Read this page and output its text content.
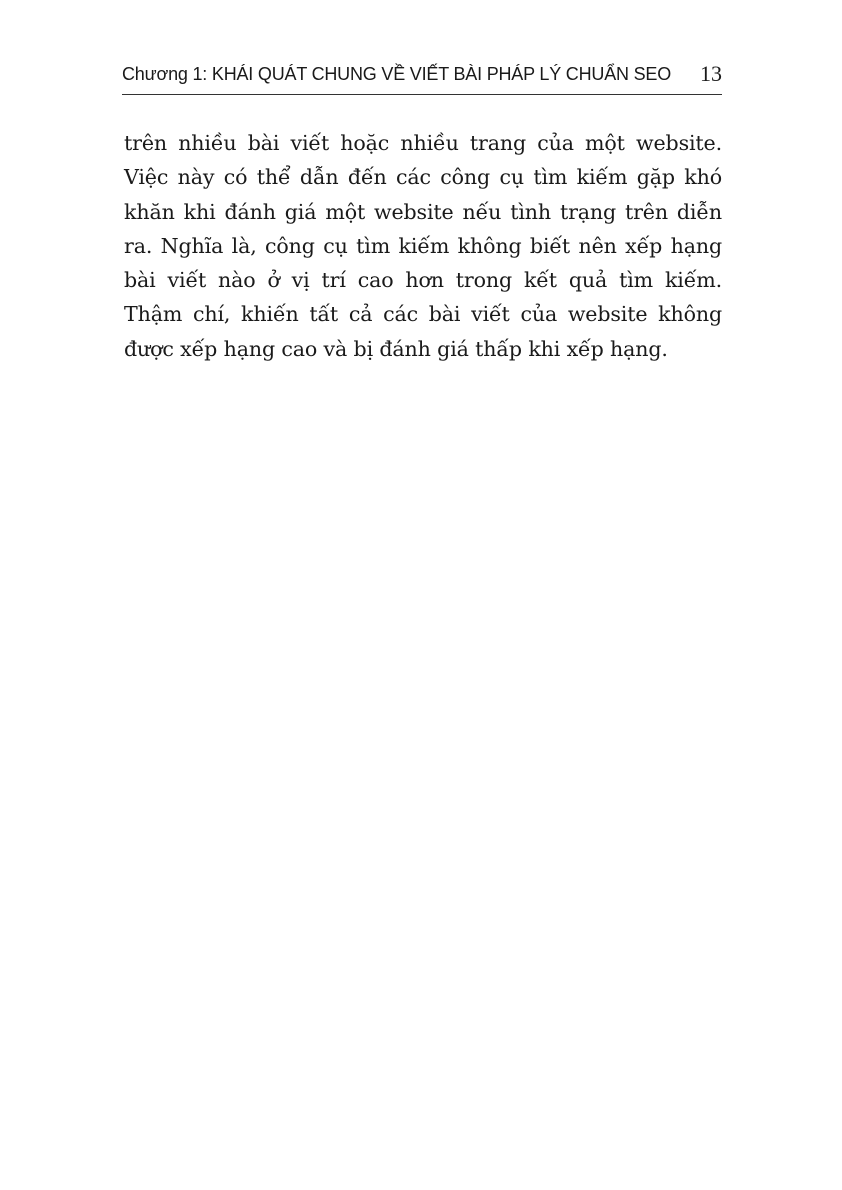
Chương 1: KHÁI QUÁT CHUNG VỀ VIẾT BÀI PHÁP LÝ CHUẨN SEO 13
trên nhiều bài viết hoặc nhiều trang của một website.
Việc này có thể dẫn đến các công cụ tìm kiếm gặp khó
khăn khi đánh giá một website nếu tình trạng trên diễn
ra. Nghĩa là, công cụ tìm kiếm không biết nên xếp hạng
bài viết nào ở vị trí cao hơn trong kết quả tìm kiếm.
Thậm chí, khiến tất cả các bài viết của website không
được xếp hạng cao và bị đánh giá thấp khi xếp hạng.
